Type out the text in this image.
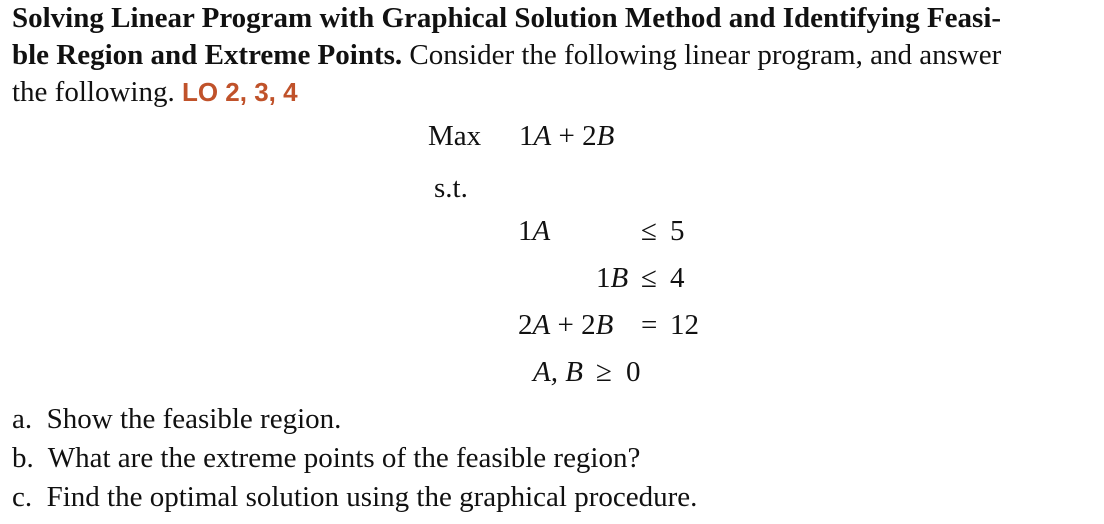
Solving Linear Program with Graphical Solution Method and Identifying Feasi-
ble Region and Extreme Points. Consider the following linear program, and answer
the following. LO 2, 3, 4

Max 1A + 2B
s.t.
1A	≤ 5
1B ≤ 4
2A + 2B = 12
A, B ≥ 0
a. Show the feasible region.
b. What are the extreme points of the feasible region?
c. Find the optimal solution using the graphical procedure.
